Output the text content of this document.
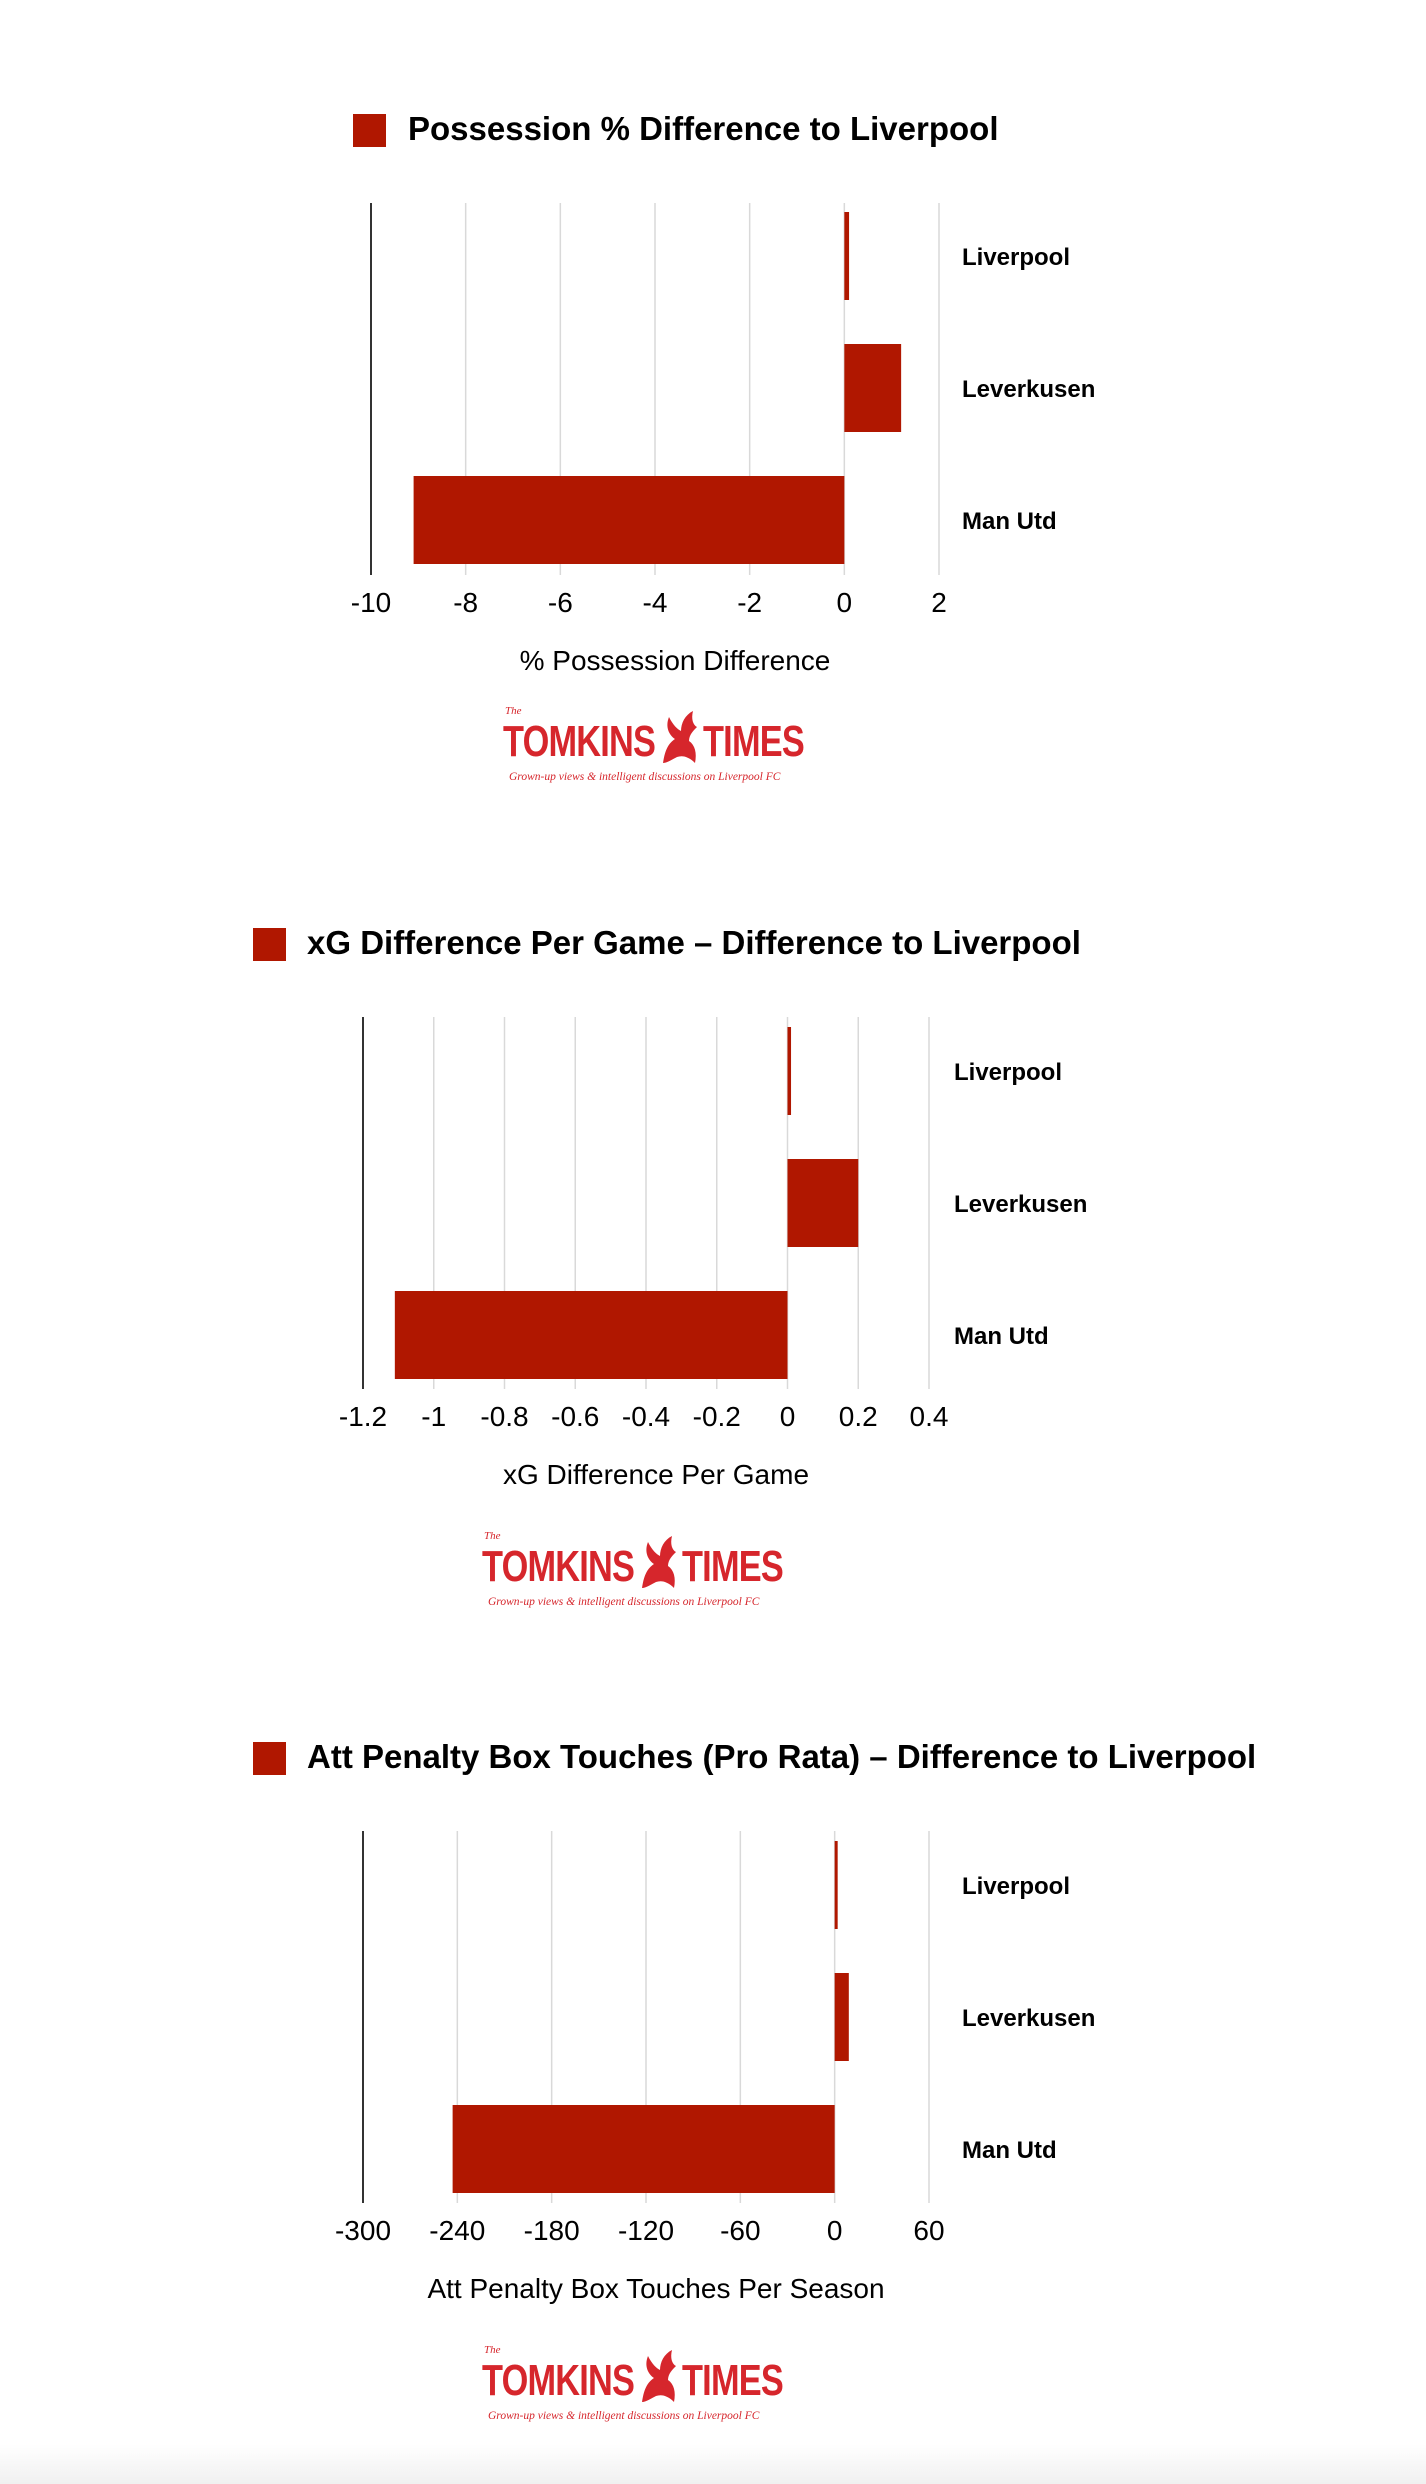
Possession % Difference to Liverpool
Liverpool
Leverkusen
Man Utd
-10 -8 -6 -4 -2	0	2
% Possession Difference
The
TOMKINS TIMES
Grown-up views & intelligent discussions on Liverpool FC
xG Difference Per Game – Difference to Liverpool
Liverpool
Leverkusen
Man Utd
-1.2 -1 -0.8 -0.6 -0.4 -0.2 0 0.2 0.4
xG Difference Per Game
The
TOMKINS TIMES
Grown-up views & intelligent discussions on Liverpool FC
Att Penalty Box Touches (Pro Rata) – Difference to Liverpool
Liverpool
Leverkusen
Man Utd
-300 -240 -180 -120 -60 0	60
Att Penalty Box Touches Per Season
The
TOMKINS TIMES
Grown-up views & intelligent discussions on Liverpool FC
